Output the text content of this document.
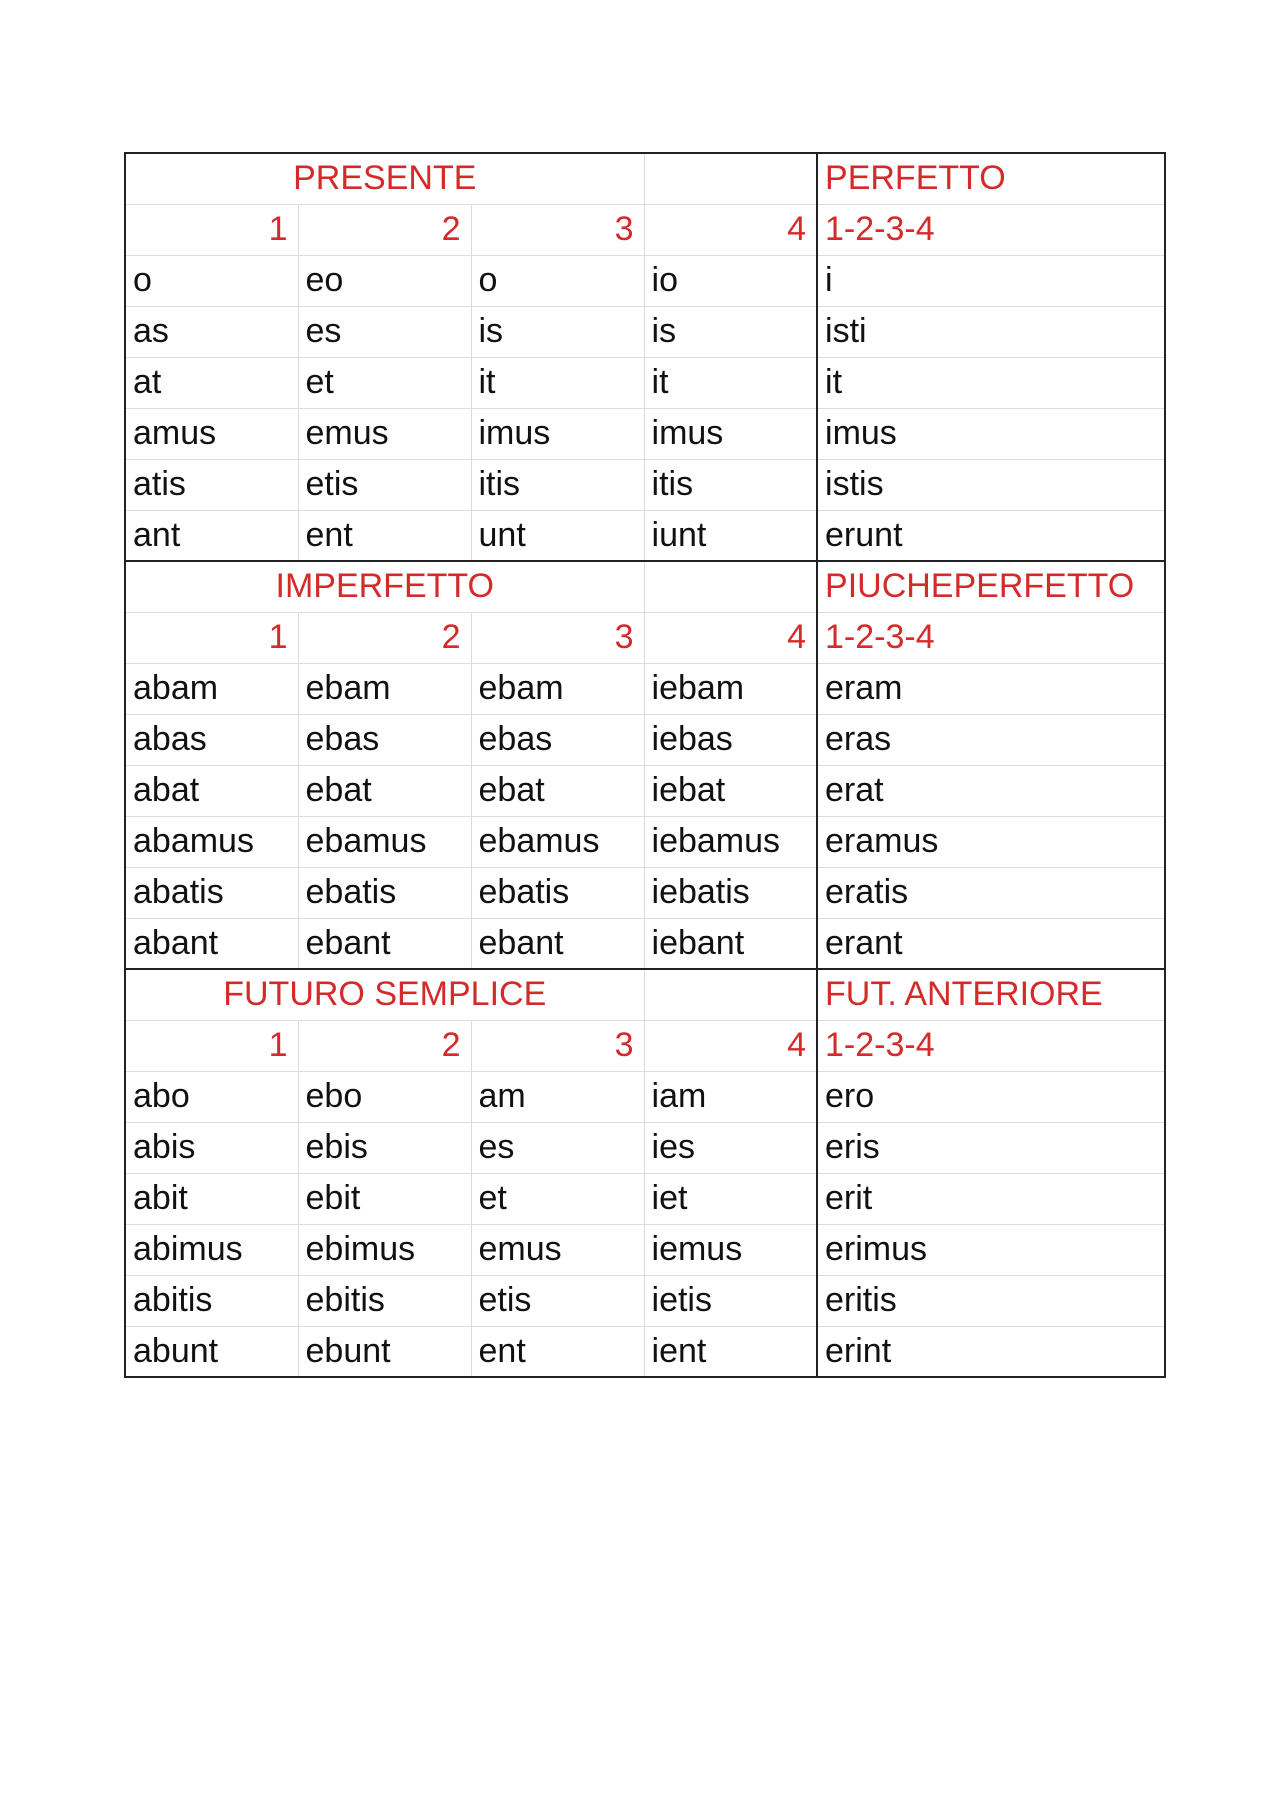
PRESENTE				PERFETTO
1	2	3	4	1-2-3-4
o	eo	o	io	i
as	es	is	is	isti
at	et	it	it	it
amus	emus	imus	imus	imus
atis	etis	itis	itis	istis
ant	ent	unt	iunt	erunt
IMPERFETTO				PIUCHEPERFETTO
1	2	3	4	1-2-3-4
abam	ebam	ebam	iebam	eram
abas	ebas	ebas	iebas	eras
abat	ebat	ebat	iebat	erat
abamus	ebamus	ebamus	iebamus	eramus
abatis	ebatis	ebatis	iebatis	eratis
abant	ebant	ebant	iebant	erant
FUTURO SEMPLICE				FUT. ANTERIORE
1	2	3	4	1-2-3-4
abo	ebo	am	iam	ero
abis	ebis	es	ies	eris
abit	ebit	et	iet	erit
abimus	ebimus	emus	iemus	erimus
abitis	ebitis	etis	ietis	eritis
abunt	ebunt	ent	ient	erint
